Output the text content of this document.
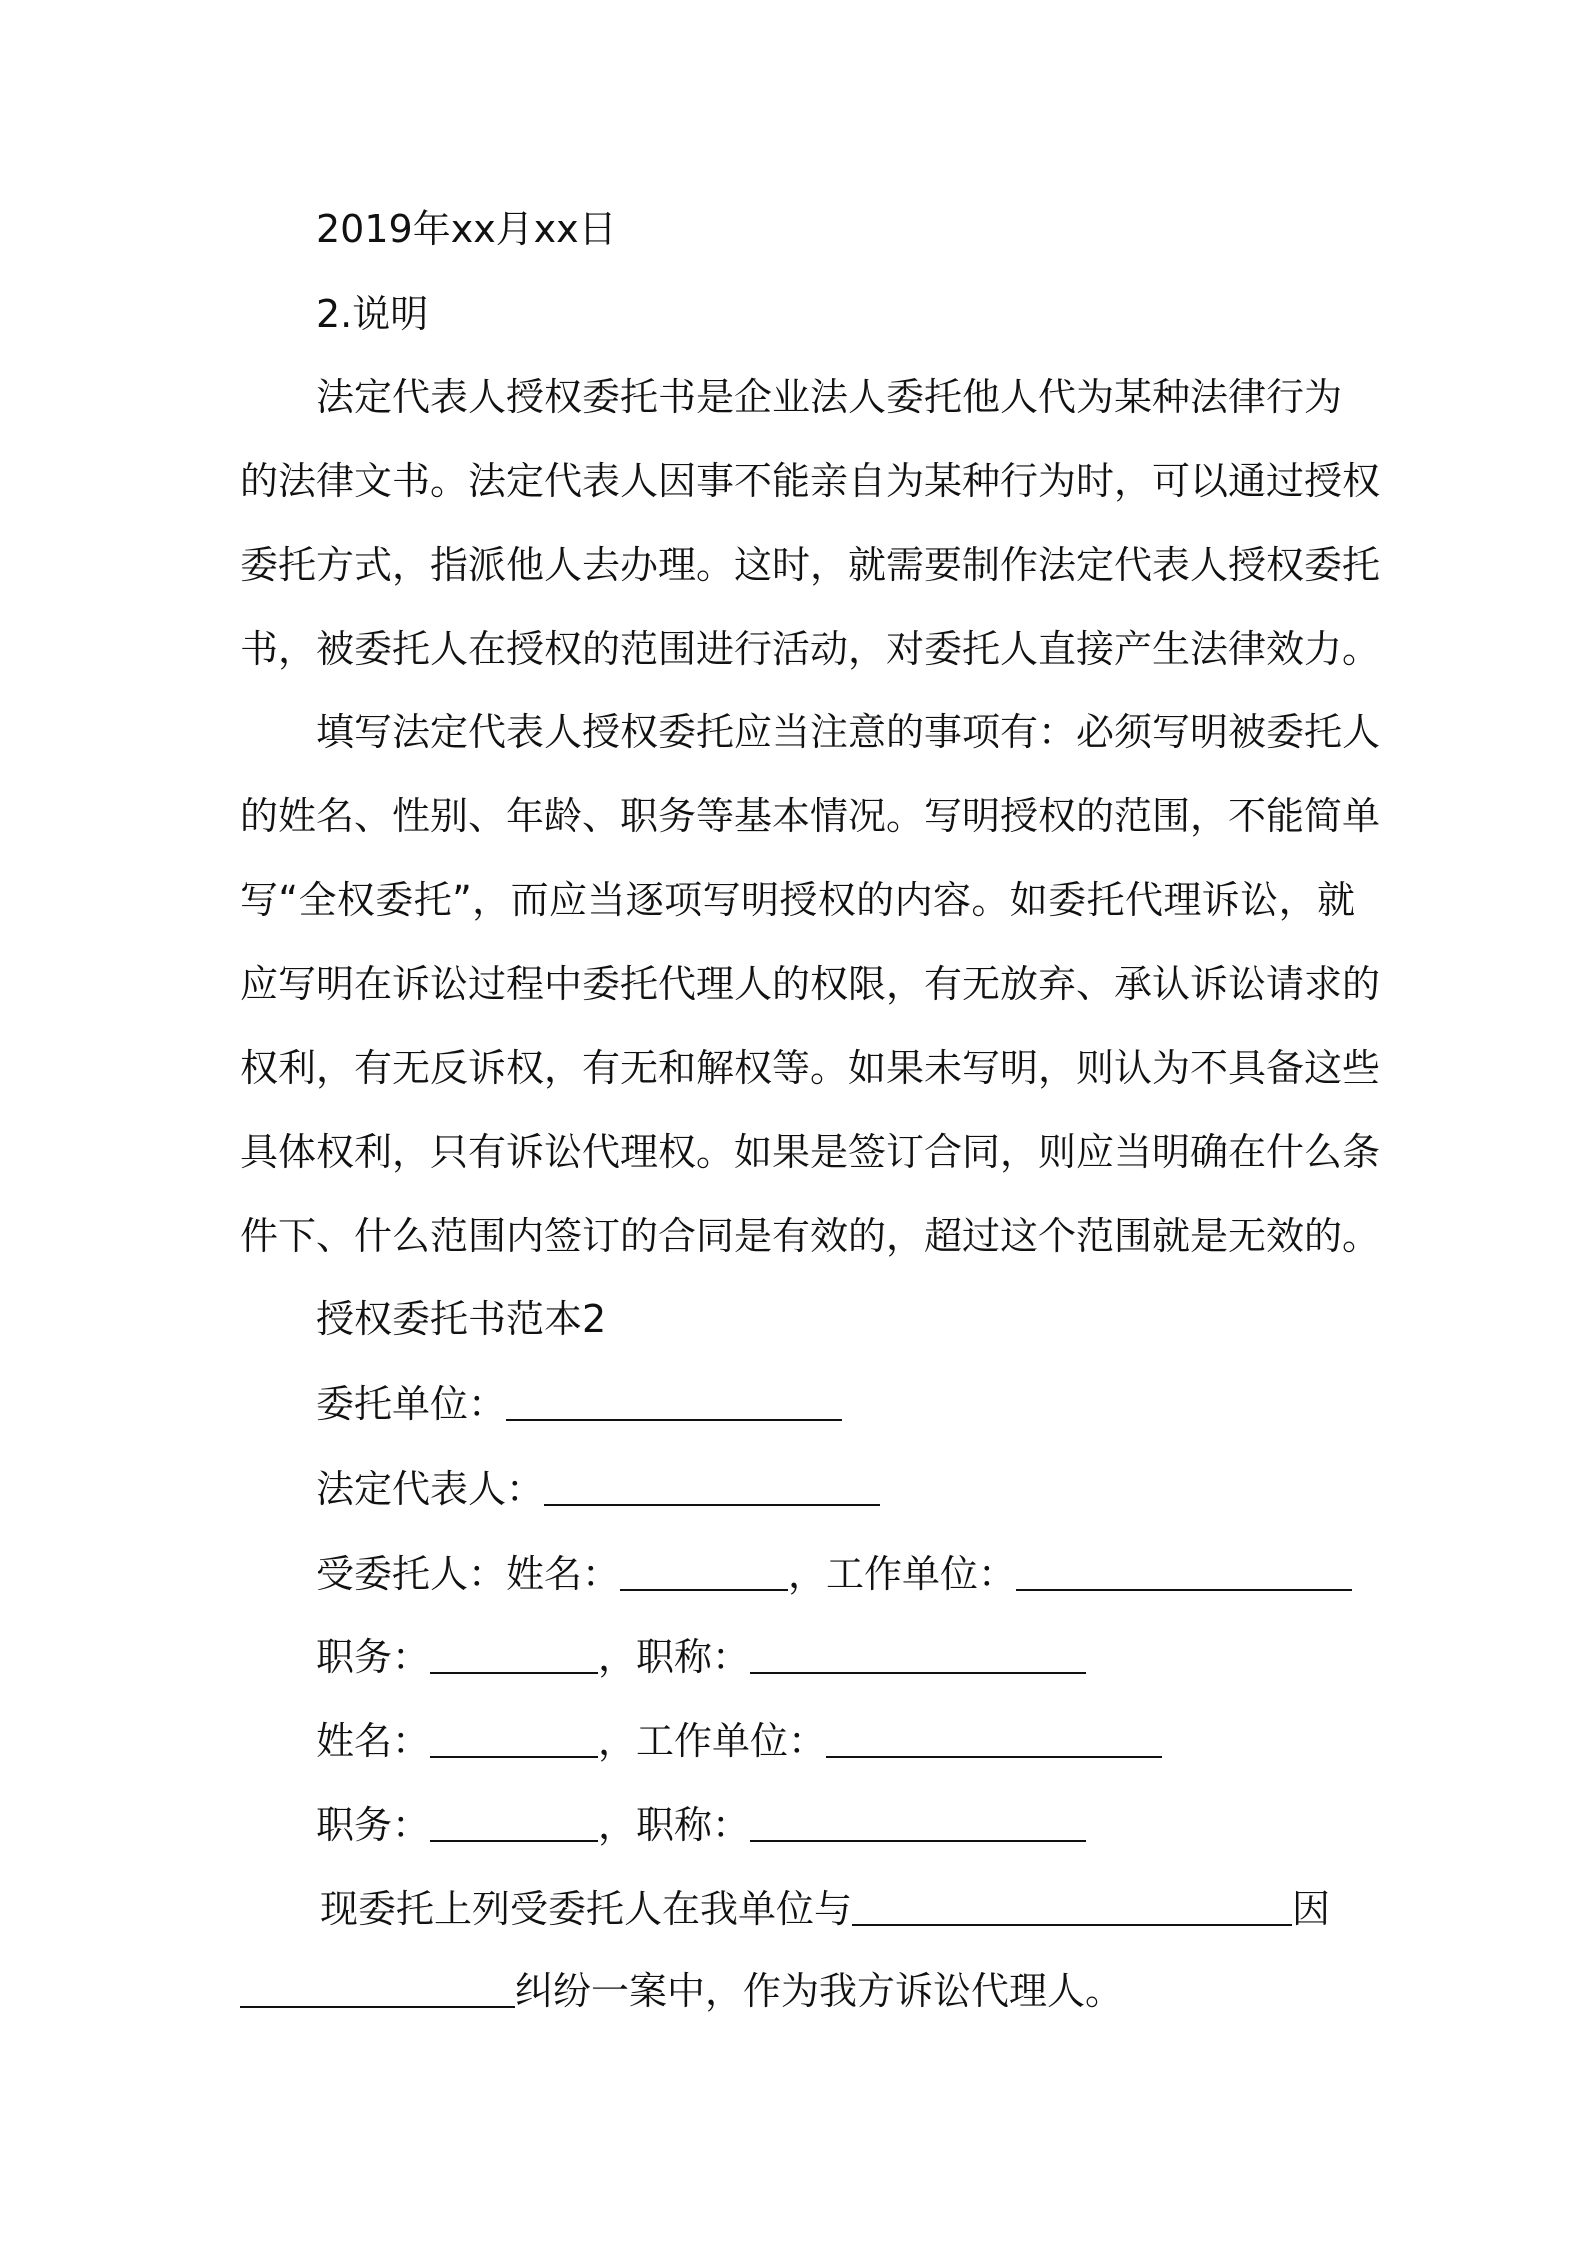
2019年xx月xx日
2.说明
法定代表人授权委托书是企业法人委托他人代为某种法律行为
的法律文书。法定代表人因事不能亲自为某种行为时，可以通过授权
委托方式，指派他人去办理。这时，就需要制作法定代表人授权委托
书，被委托人在授权的范围进行活动，对委托人直接产生法律效力。
填写法定代表人授权委托应当注意的事项有：必须写明被委托人
的姓名、性别、年龄、职务等基本情况。写明授权的范围，不能简单
写“全权委托”，而应当逐项写明授权的内容。如委托代理诉讼，就
应写明在诉讼过程中委托代理人的权限，有无放弃、承认诉讼请求的
权利，有无反诉权，有无和解权等。如果未写明，则认为不具备这些
具体权利，只有诉讼代理权。如果是签订合同，则应当明确在什么条
件下、什么范围内签订的合同是有效的，超过这个范围就是无效的。
授权委托书范本2
委托单位：
法定代表人：
受委托人：姓名：	，工作单位：
职务：	，职称：
姓名：	，工作单位：
职务：	，职称：
现委托上列受委托人在我单位与	因
纠纷一案中，作为我方诉讼代理人。
